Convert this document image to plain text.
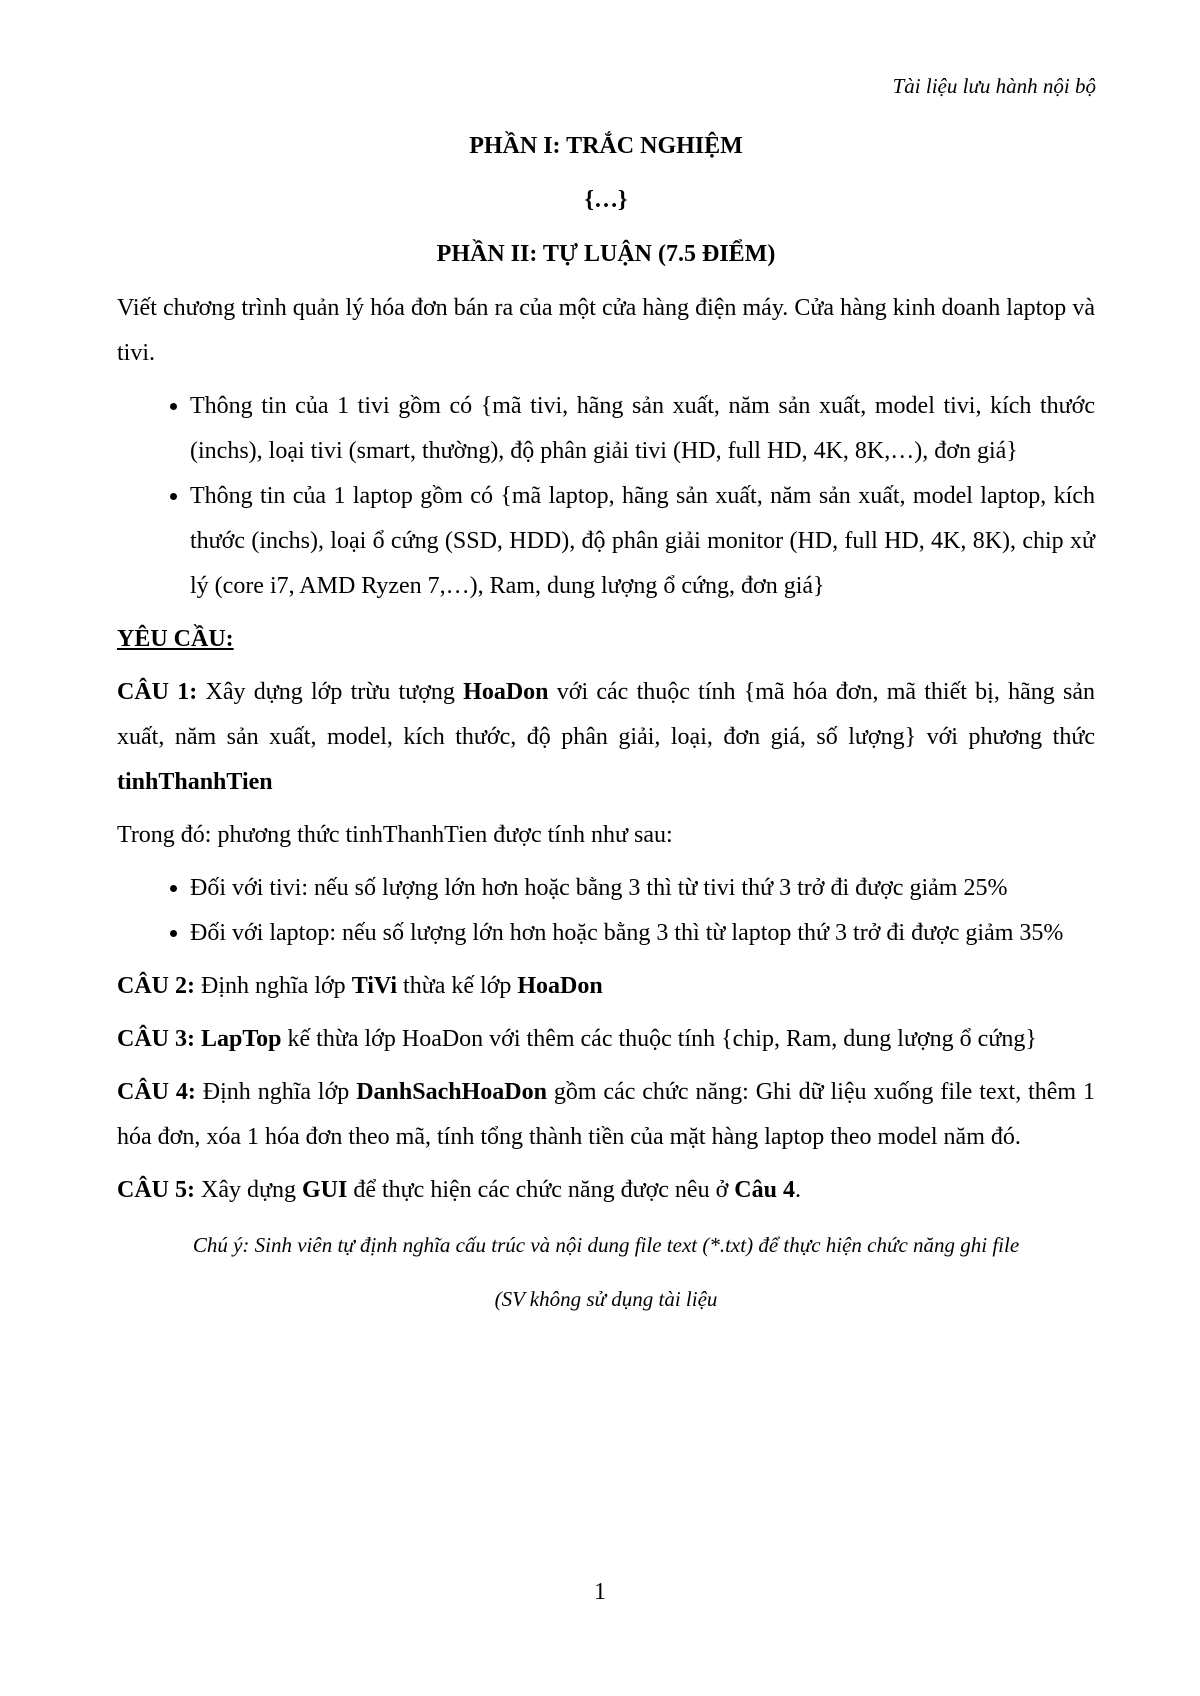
Tài liệu lưu hành nội bộ
PHẦN I: TRẮC NGHIỆM
{…}
PHẦN II: TỰ LUẬN (7.5 ĐIỂM)

Viết chương trình quản lý hóa đơn bán ra của một cửa hàng điện máy. Cửa hàng kinh doanh laptop và tivi.

• Thông tin của 1 tivi gồm có {mã tivi, hãng sản xuất, năm sản xuất, model tivi, kích thước (inchs), loại tivi (smart, thường), độ phân giải tivi (HD, full HD, 4K, 8K,…), đơn giá}
• Thông tin của 1 laptop gồm có {mã laptop, hãng sản xuất, năm sản xuất, model laptop, kích thước (inchs), loại ổ cứng (SSD, HDD), độ phân giải monitor (HD, full HD, 4K, 8K), chip xử lý (core i7, AMD Ryzen 7,…), Ram, dung lượng ổ cứng, đơn giá}
YÊU CẦU:

CÂU 1: Xây dựng lớp trừu tượng HoaDon với các thuộc tính {mã hóa đơn, mã thiết bị, hãng sản xuất, năm sản xuất, model, kích thước, độ phân giải, loại, đơn giá, số lượng} với phương thức tinhThanhTien

Trong đó: phương thức tinhThanhTien được tính như sau:

• Đối với tivi: nếu số lượng lớn hơn hoặc bằng 3 thì từ tivi thứ 3 trở đi được giảm 25%
• Đối với laptop: nếu số lượng lớn hơn hoặc bằng 3 thì từ laptop thứ 3 trở đi được giảm 35%

CÂU 2: Định nghĩa lớp TiVi thừa kế lớp HoaDon

CÂU 3: LapTop kế thừa lớp HoaDon với thêm các thuộc tính {chip, Ram, dung lượng ổ cứng}

CÂU 4: Định nghĩa lớp DanhSachHoaDon gồm các chức năng: Ghi dữ liệu xuống file text, thêm 1 hóa đơn, xóa 1 hóa đơn theo mã, tính tổng thành tiền của mặt hàng laptop theo model năm đó.

CÂU 5: Xây dựng GUI để thực hiện các chức năng được nêu ở Câu 4.

Chú ý: Sinh viên tự định nghĩa cấu trúc và nội dung file text (*.txt) để thực hiện chức năng ghi file
(SV không sử dụng tài liệu
1
